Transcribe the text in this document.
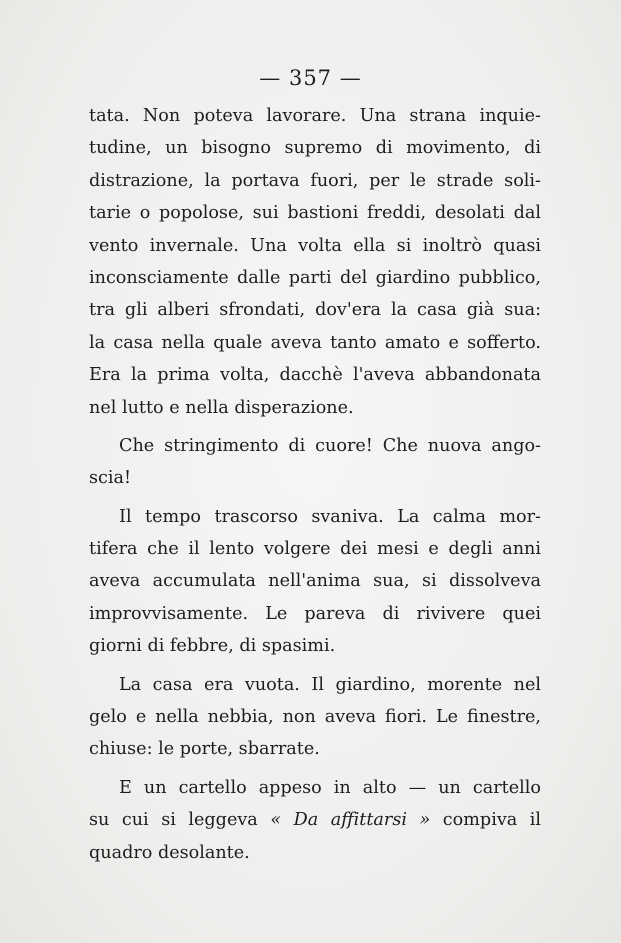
— 357 —
tata. Non poteva lavorare. Una strana inquie-
tudine, un bisogno supremo di movimento, di
distrazione, la portava fuori, per le strade soli-
tarie o popolose, sui bastioni freddi, desolati dal
vento invernale. Una volta ella si inoltrò quasi
inconsciamente dalle parti del giardino pubblico,
tra gli alberi sfrondati, dov'era la casa già sua:
la casa nella quale aveva tanto amato e sofferto.
Era la prima volta, dacchè l'aveva abbandonata
nel lutto e nella disperazione.
Che stringimento di cuore! Che nuova ango-
scia!
Il tempo trascorso svaniva. La calma mor-
tifera che il lento volgere dei mesi e degli anni
aveva accumulata nell'anima sua, si dissolveva
improvvisamente. Le pareva di rivivere quei
giorni di febbre, di spasimi.
La casa era vuota. Il giardino, morente nel
gelo e nella nebbia, non aveva fiori. Le finestre,
chiuse: le porte, sbarrate.
E un cartello appeso in alto — un cartello
su cui si leggeva « Da affittarsi » compiva il
quadro desolante.
